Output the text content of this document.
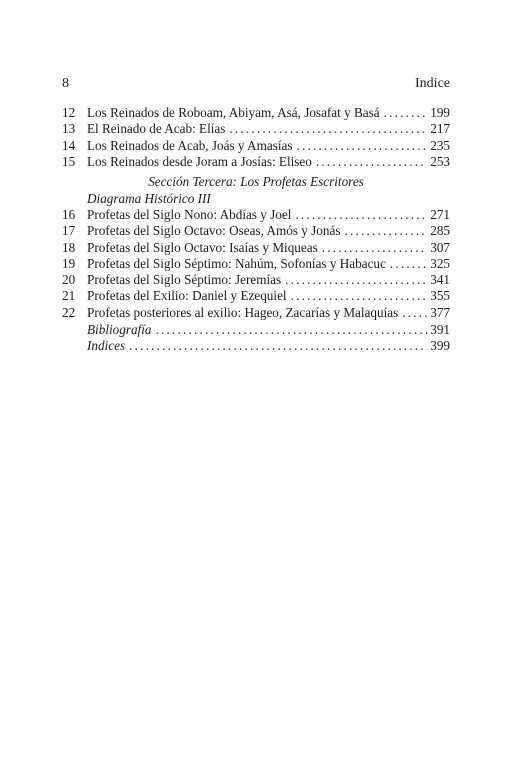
8	Indice
12 Los Reinados de Roboam, Abiyam, Asá, Josafat y Basá .....	199
13 El Reinado de Acab: Elías .....	217
14 Los Reinados de Acab, Joás y Amasías .....	235
15 Los Reinados desde Joram a Josías: Eliseo .....	253
Sección Tercera: Los Profetas Escritores
Diagrama Histórico III
16 Profetas del Siglo Nono: Abdías y Joel .....	271
17 Profetas del Siglo Octavo: Oseas, Amós y Jonás .....	285
18 Profetas del Siglo Octavo: Isaías y Miqueas .....	307
19 Profetas del Siglo Séptimo: Nahúm, Sofonías y Habacuc .....	325
20 Profetas del Siglo Séptimo: Jeremías .....	341
21 Profetas del Exilio: Daniel y Ezequiel .....	355
22 Profetas posteriores al exilio: Hageo, Zacarías y Malaquías ..... 377
Bibliografía .....	391
Indices .....	399
